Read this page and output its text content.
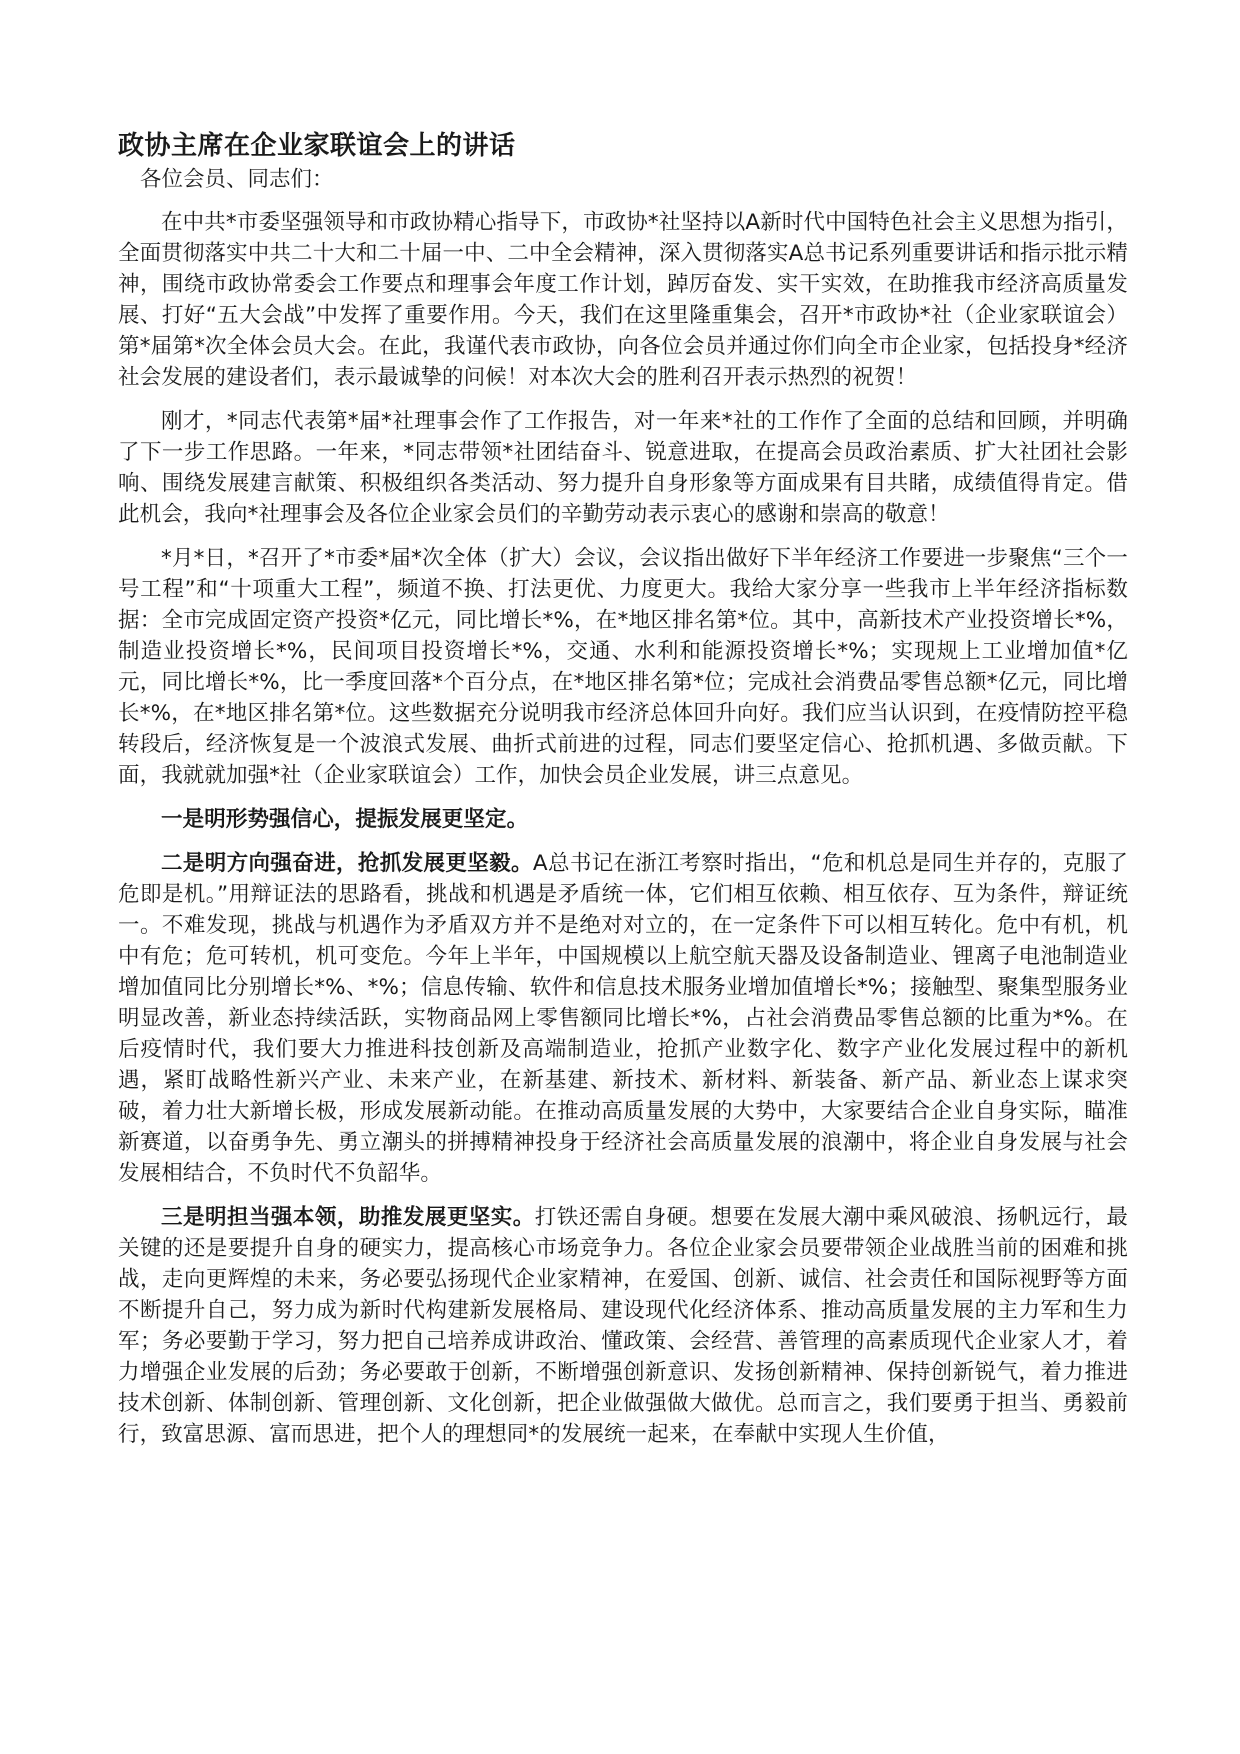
政协主席在企业家联谊会上的讲话

各位会员、同志们：

在中共*市委坚强领导和市政协精心指导下，市政协*社坚持以A新时代中国特色社会主义思想为指引，全面贯彻落实中共二十大和二十届一中、二中全会精神，深入贯彻落实A总书记系列重要讲话和指示批示精神，围绕市政协常委会工作要点和理事会年度工作计划，踔厉奋发、实干实效，在助推我市经济高质量发展、打好“五大会战”中发挥了重要作用。今天，我们在这里隆重集会，召开*市政协*社（企业家联谊会）第*届第*次全体会员大会。在此，我谨代表市政协，向各位会员并通过你们向全市企业家，包括投身*经济社会发展的建设者们，表示最诚挚的问候！对本次大会的胜利召开表示热烈的祝贺！

刚才，*同志代表第*届*社理事会作了工作报告，对一年来*社的工作作了全面的总结和回顾，并明确了下一步工作思路。一年来，*同志带领*社团结奋斗、锐意进取，在提高会员政治素质、扩大社团社会影响、围绕发展建言献策、积极组织各类活动、努力提升自身形象等方面成果有目共睹，成绩值得肯定。借此机会，我向*社理事会及各位企业家会员们的辛勤劳动表示衷心的感谢和崇高的敬意！

*月*日，*召开了*市委*届*次全体（扩大）会议，会议指出做好下半年经济工作要进一步聚焦“三个一号工程”和“十项重大工程”，频道不换、打法更优、力度更大。我给大家分享一些我市上半年经济指标数据：全市完成固定资产投资*亿元，同比增长*%，在*地区排名第*位。其中，高新技术产业投资增长*%，制造业投资增长*%，民间项目投资增长*%，交通、水利和能源投资增长*%；实现规上工业增加值*亿元，同比增长*%，比一季度回落*个百分点，在*地区排名第*位；完成社会消费品零售总额*亿元，同比增长*%，在*地区排名第*位。这些数据充分说明我市经济总体回升向好。我们应当认识到，在疫情防控平稳转段后，经济恢复是一个波浪式发展、曲折式前进的过程，同志们要坚定信心、抢抓机遇、多做贡献。下面，我就就加强*社（企业家联谊会）工作，加快会员企业发展，讲三点意见。

一是明形势强信心，提振发展更坚定。

二是明方向强奋进，抢抓发展更坚毅。A总书记在浙江考察时指出，“危和机总是同生并存的，克服了危即是机。”用辩证法的思路看，挑战和机遇是矛盾统一体，它们相互依赖、相互依存、互为条件，辩证统一。不难发现，挑战与机遇作为矛盾双方并不是绝对对立的，在一定条件下可以相互转化。危中有机，机中有危；危可转机，机可变危。今年上半年，中国规模以上航空航天器及设备制造业、锂离子电池制造业增加值同比分别增长*%、*%；信息传输、软件和信息技术服务业增加值增长*%；接触型、聚集型服务业明显改善，新业态持续活跃，实物商品网上零售额同比增长*%，占社会消费品零售总额的比重为*%。在后疫情时代，我们要大力推进科技创新及高端制造业，抢抓产业数字化、数字产业化发展过程中的新机遇，紧盯战略性新兴产业、未来产业，在新基建、新技术、新材料、新装备、新产品、新业态上谋求突破，着力壮大新增长极，形成发展新动能。在推动高质量发展的大势中，大家要结合企业自身实际，瞄准新赛道，以奋勇争先、勇立潮头的拼搏精神投身于经济社会高质量发展的浪潮中，将企业自身发展与社会发展相结合，不负时代不负韶华。

三是明担当强本领，助推发展更坚实。打铁还需自身硬。想要在发展大潮中乘风破浪、扬帆远行，最关键的还是要提升自身的硬实力，提高核心市场竞争力。各位企业家会员要带领企业战胜当前的困难和挑战，走向更辉煌的未来，务必要弘扬现代企业家精神，在爱国、创新、诚信、社会责任和国际视野等方面不断提升自己，努力成为新时代构建新发展格局、建设现代化经济体系、推动高质量发展的主力军和生力军；务必要勤于学习，努力把自己培养成讲政治、懂政策、会经营、善管理的高素质现代企业家人才，着力增强企业发展的后劲；务必要敢于创新，不断增强创新意识、发扬创新精神、保持创新锐气，着力推进技术创新、体制创新、管理创新、文化创新，把企业做强做大做优。总而言之，我们要勇于担当、勇毅前行，致富思源、富而思进，把个人的理想同*的发展统一起来，在奉献中实现人生价值，
